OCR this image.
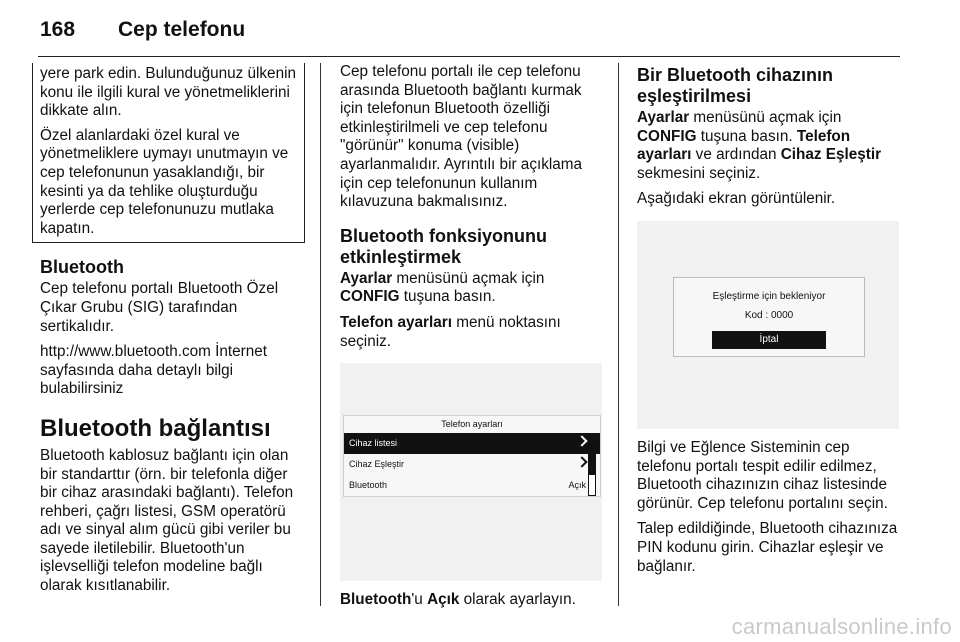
168 Cep telefonu

yere park edin. Bulunduğunuz ülkenin konu ile ilgili kural ve yönetmeliklerini dikkate alın.

Özel alanlardaki özel kural ve yönetmeliklere uymayı unutmayın ve cep telefonunun yasaklandığı, bir kesinti ya da tehlike oluşturduğu yerlerde cep telefonunuzu mutlaka kapatın.

Bluetooth

Cep telefonu portalı Bluetooth Özel Çıkar Grubu (SIG) tarafından sertikalıdır.

http://www.bluetooth.com İnternet sayfasında daha detaylı bilgi bulabilirsiniz

Bluetooth bağlantısı

Bluetooth kablosuz bağlantı için olan bir standarttır (örn. bir telefonla diğer bir cihaz arasındaki bağlantı). Telefon rehberi, çağrı listesi, GSM operatörü adı ve sinyal alım gücü gibi veriler bu sayede iletilebilir. Bluetooth'un işlevselliği telefon modeline bağlı olarak kısıtlanabilir.

Cep telefonu portalı ile cep telefonu arasında Bluetooth bağlantı kurmak için telefonun Bluetooth özelliği etkinleştirilmeli ve cep telefonu "görünür" konuma (visible) ayarlanmalıdır. Ayrıntılı bir açıklama için cep telefonunun kullanım kılavuzuna bakmalısınız.

Bluetooth fonksiyonunu etkinleştirmek

Ayarlar menüsünü açmak için CONFIG tuşuna basın.

Telefon ayarları menü noktasını seçiniz.

Telefon ayarları
Cihaz listesi
Cihaz Eşleştir
Bluetooth	Açık

Bluetooth'u Açık olarak ayarlayın.

Bir Bluetooth cihazının eşleştirilmesi

Ayarlar menüsünü açmak için CONFIG tuşuna basın. Telefon ayarları ve ardından Cihaz Eşleştir sekmesini seçiniz.

Aşağıdaki ekran görüntülenir.

Eşleştirme için bekleniyor
Kod : 0000
İptal

Bilgi ve Eğlence Sisteminin cep telefonu portalı tespit edilir edilmez, Bluetooth cihazınızın cihaz listesinde görünür. Cep telefonu portalını seçin.

Talep edildiğinde, Bluetooth cihazınıza PIN kodunu girin. Cihazlar eşleşir ve bağlanır.

carmanualsonline.info
